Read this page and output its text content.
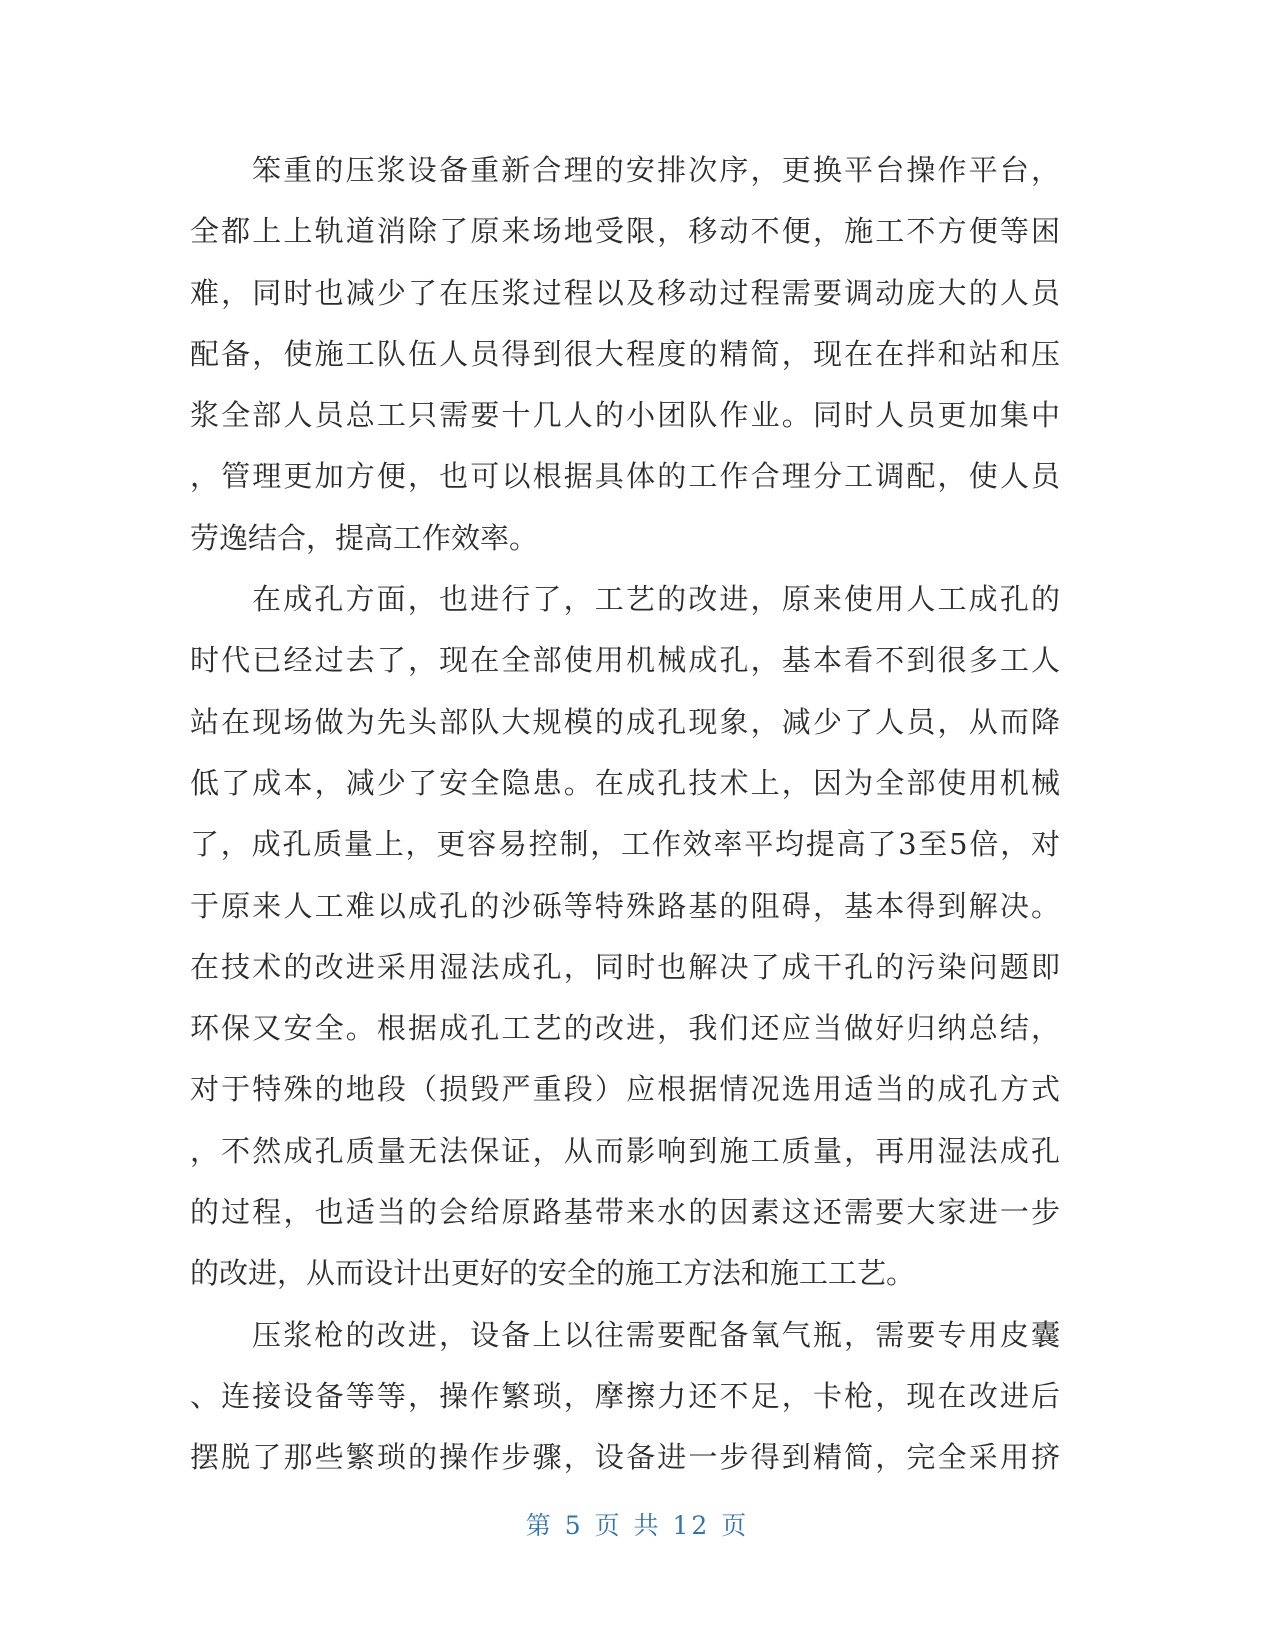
笨重的压浆设备重新合理的安排次序，更换平台操作平台，
全都上上轨道消除了原来场地受限，移动不便，施工不方便等困
难，同时也减少了在压浆过程以及移动过程需要调动庞大的人员
配备，使施工队伍人员得到很大程度的精简，现在在拌和站和压
浆全部人员总工只需要十几人的小团队作业。同时人员更加集中
，管理更加方便，也可以根据具体的工作合理分工调配，使人员
劳逸结合，提高工作效率。
在成孔方面，也进行了，工艺的改进，原来使用人工成孔的
时代已经过去了，现在全部使用机械成孔，基本看不到很多工人
站在现场做为先头部队大规模的成孔现象，减少了人员，从而降
低了成本，减少了安全隐患。在成孔技术上，因为全部使用机械
了，成孔质量上，更容易控制，工作效率平均提高了3至5倍，对
于原来人工难以成孔的沙砾等特殊路基的阻碍，基本得到解决。
在技术的改进采用湿法成孔，同时也解决了成干孔的污染问题即
环保又安全。根据成孔工艺的改进，我们还应当做好归纳总结，
对于特殊的地段（损毁严重段）应根据情况选用适当的成孔方式
，不然成孔质量无法保证，从而影响到施工质量，再用湿法成孔
的过程，也适当的会给原路基带来水的因素这还需要大家进一步
的改进，从而设计出更好的安全的施工方法和施工工艺。
压浆枪的改进，设备上以往需要配备氧气瓶，需要专用皮囊
、连接设备等等，操作繁琐，摩擦力还不足，卡枪，现在改进后
摆脱了那些繁琐的操作步骤，设备进一步得到精简，完全采用挤
第 5 页 共 12 页
